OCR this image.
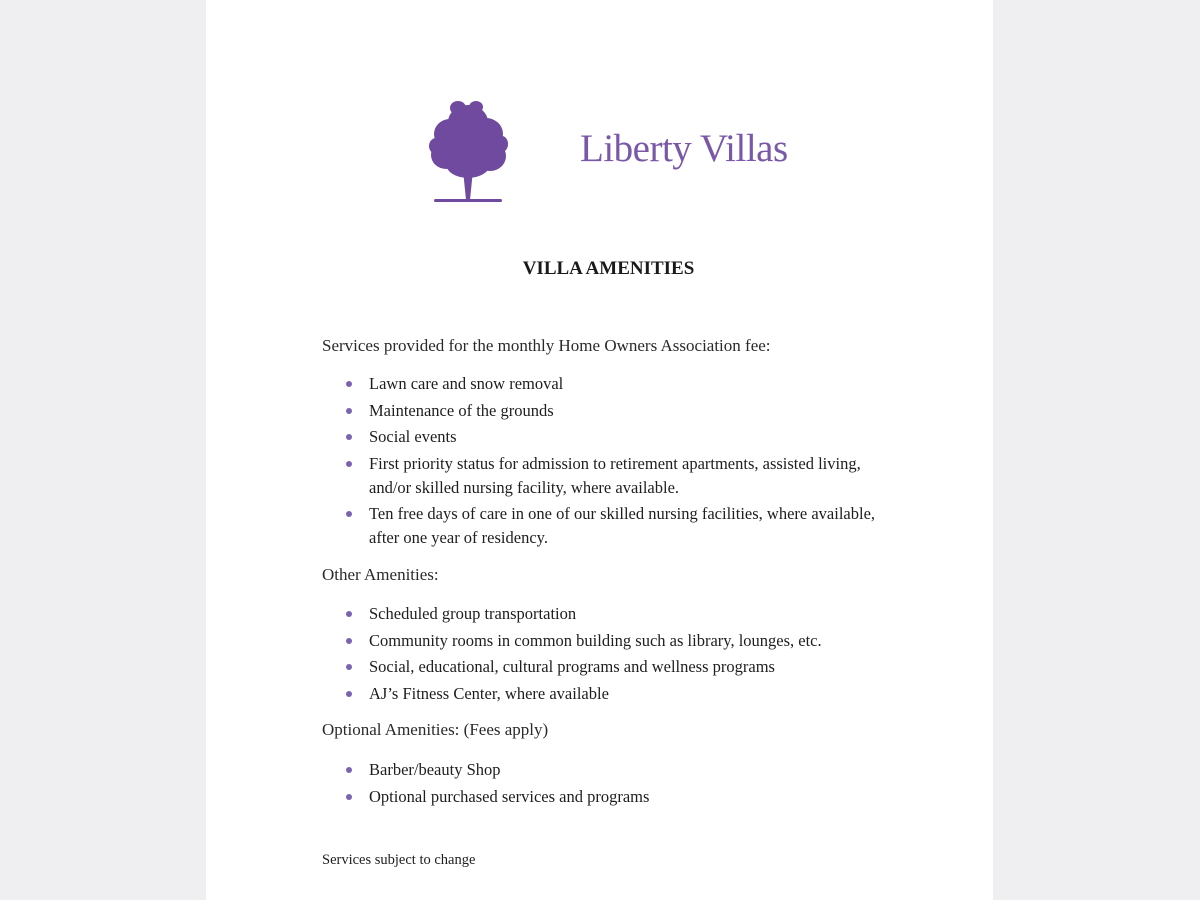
Liberty Villas
VILLA AMENITIES
Services provided for the monthly Home Owners Association fee:
Lawn care and snow removal
Maintenance of the grounds
Social events
First priority status for admission to retirement apartments, assisted living, and/or skilled nursing facility, where available.
Ten free days of care in one of our skilled nursing facilities, where available, after one year of residency.
Other Amenities:
Scheduled group transportation
Community rooms in common building such as library, lounges, etc.
Social, educational, cultural programs and wellness programs
AJ’s Fitness Center, where available
Optional Amenities: (Fees apply)
Barber/beauty Shop
Optional purchased services and programs
Services subject to change
